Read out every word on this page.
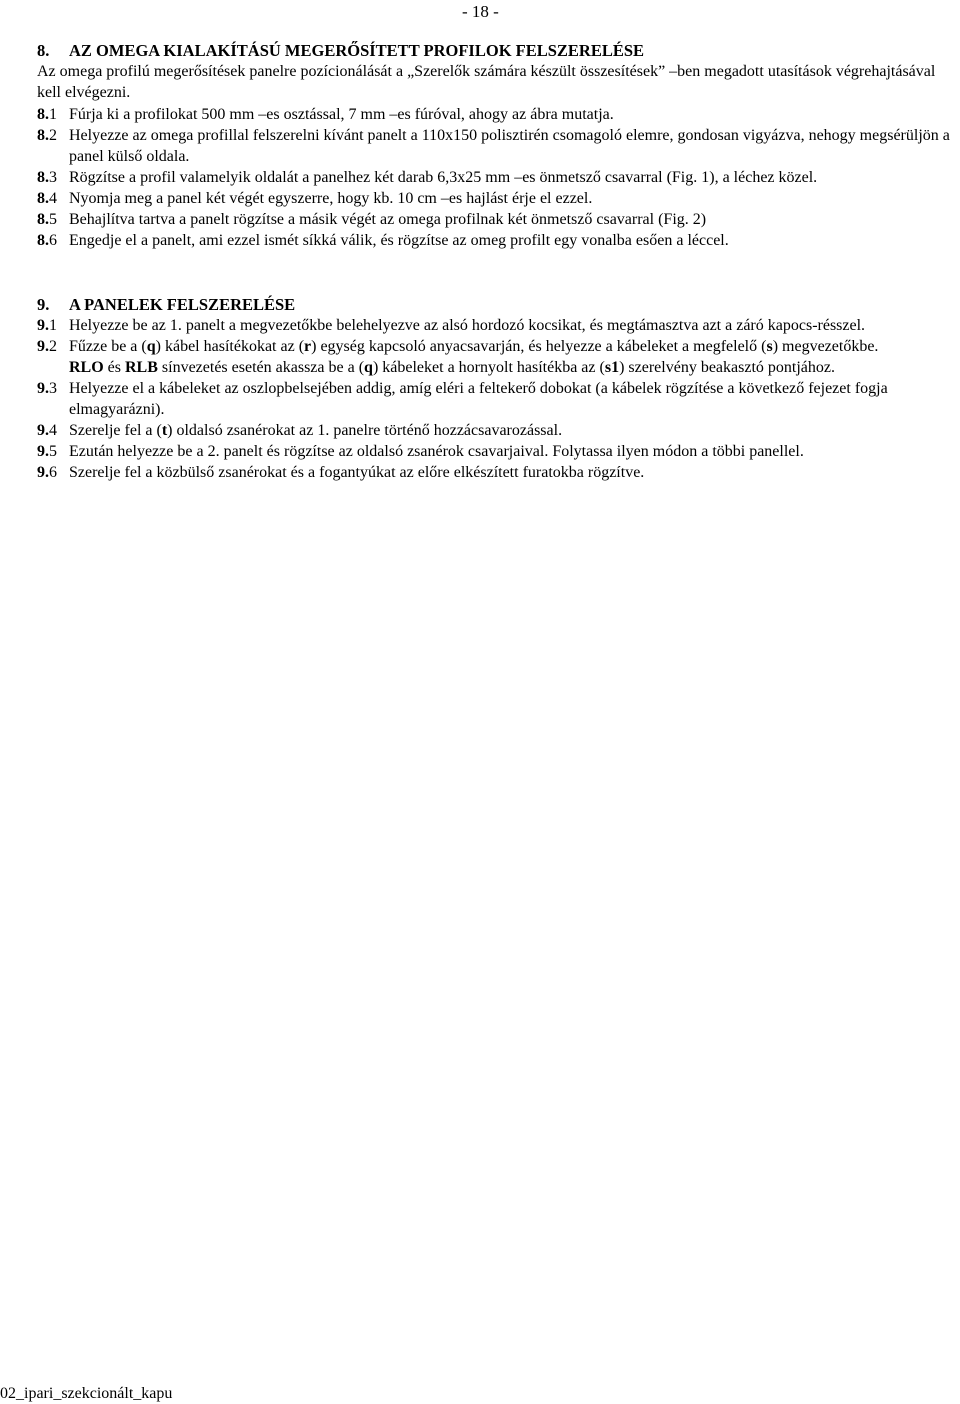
- 18 -

8. AZ OMEGA KIALAKÍTÁSÚ MEGERŐSÍTETT PROFILOK FELSZERELÉSE

Az omega profilú megerősítések panelre pozícionálását a „Szerelők számára készült összesítések” –ben megadott utasítások végrehajtásával kell elvégezni.

8.1 Fúrja ki a profilokat 500 mm –es osztással, 7 mm –es fúróval, ahogy az ábra mutatja.
8.2 Helyezze az omega profillal felszerelni kívánt panelt a 110x150 polisztirén csomagoló elemre, gondosan vigyázva, nehogy megsérüljön a panel külső oldala.
8.3 Rögzítse a profil valamelyik oldalát a panelhez két darab 6,3x25 mm –es önmetsző csavarral (Fig. 1), a léchez közel.
8.4 Nyomja meg a panel két végét egyszerre, hogy kb. 10 cm –es hajlást érje el ezzel.
8.5 Behajlítva tartva a panelt rögzítse a másik végét az omega profilnak két önmetsző csavarral (Fig. 2)
8.6 Engedje el a panelt, ami ezzel ismét síkká válik, és rögzítse az omeg profilt egy vonalba esően a léccel.

9. A PANELEK FELSZERELÉSE

9.1 Helyezze be az 1. panelt a megvezetőkbe belehelyezve az alsó hordozó kocsikat, és megtámasztva azt a záró kapocs-résszel.
9.2 Fűzze be a (q) kábel hasítékokat az (r) egység kapcsoló anyacsavarján, és helyezze a kábeleket a megfelelő (s) megvezetőkbe.

RLO és RLB sínvezetés esetén akassza be a (q) kábeleket a hornyolt hasítékba az (s1) szerelvény beakasztó pontjához.

9.3 Helyezze el a kábeleket az oszlopbelsejében addig, amíg eléri a feltekerő dobokat (a kábelek rögzítése a következő fejezet fogja elmagyarázni).
9.4 Szerelje fel a (t) oldalsó zsanérokat az 1. panelre történő hozzácsavarozással.
9.5 Ezután helyezze be a 2. panelt és rögzítse az oldalsó zsanérok csavarjaival. Folytassa ilyen módon a többi panellel.
9.6 Szerelje fel a közbülső zsanérokat és a fogantyúkat az előre elkészített furatokba rögzítve.
02_ipari_szekcionált_kapu
